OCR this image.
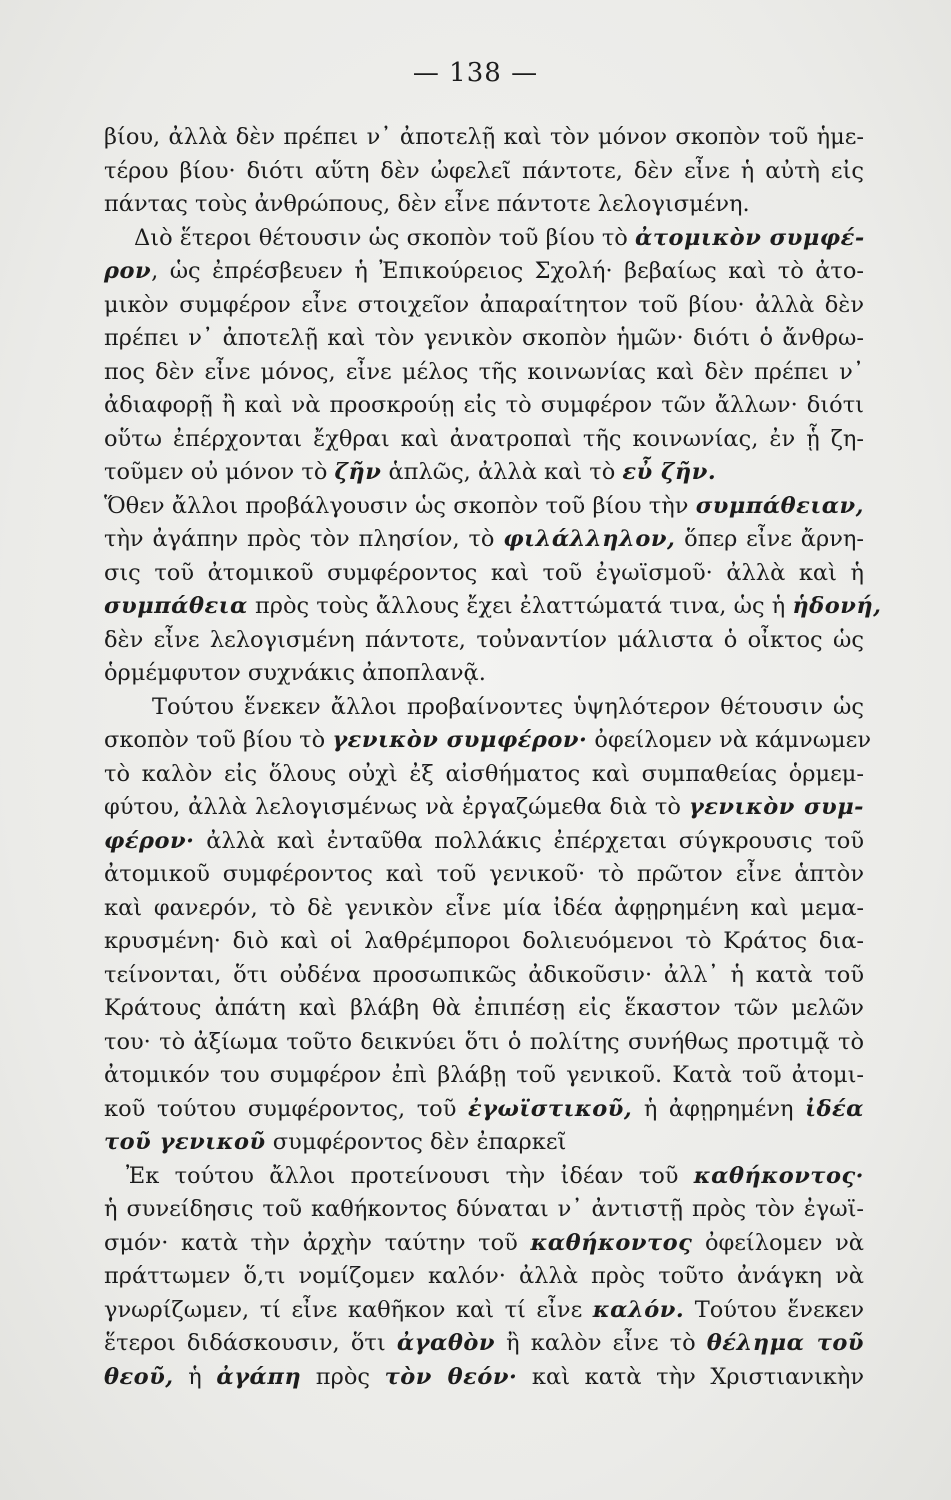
— 138 —
βίου, ἀλλὰ δὲν πρέπει ν᾽ ἀποτελῇ καὶ τὸν μόνον σκοπὸν τοῦ ἡμε-
τέρου βίου· διότι αὕτη δὲν ὠφελεῖ πάντοτε, δὲν εἶνε ἡ αὐτὴ εἰς
πάντας τοὺς ἀνθρώπους, δὲν εἶνε πάντοτε λελογισμένη.
Διὸ ἕτεροι θέτουσιν ὡς σκοπὸν τοῦ βίου τὸ ἀτομικὸν συμφέ-
ρον, ὡς ἐπρέσβευεν ἡ Ἐπικούρειος Σχολή· βεβαίως καὶ τὸ ἀτο-
μικὸν συμφέρον εἶνε στοιχεῖον ἀπαραίτητον τοῦ βίου· ἀλλὰ δὲν
πρέπει ν᾽ ἀποτελῇ καὶ τὸν γενικὸν σκοπὸν ἡμῶν· διότι ὁ ἄνθρω-
πος δὲν εἶνε μόνος, εἶνε μέλος τῆς κοινωνίας καὶ δὲν πρέπει ν᾽
ἀδιαφορῇ ἢ καὶ νὰ προσκρούῃ εἰς τὸ συμφέρον τῶν ἄλλων· διότι
οὕτω ἐπέρχονται ἔχθραι καὶ ἀνατροπαὶ τῆς κοινωνίας, ἐν ᾗ ζη-
τοῦμεν οὐ μόνον τὸ ζῆν ἁπλῶς, ἀλλὰ καὶ τὸ εὖ ζῆν.
Ὅθεν ἄλλοι προβάλγουσιν ὡς σκοπὸν τοῦ βίου τὴν συμπάθειαν,
τὴν ἀγάπην πρὸς τὸν πλησίον, τὸ φιλάλληλον, ὅπερ εἶνε ἄρνη-
σις τοῦ ἀτομικοῦ συμφέροντος καὶ τοῦ ἐγωϊσμοῦ· ἀλλὰ καὶ ἡ
συμπάθεια πρὸς τοὺς ἄλλους ἔχει ἐλαττώματά τινα, ὡς ἡ ἡδονή,
δὲν εἶνε λελογισμένη πάντοτε, τοὐναντίον μάλιστα ὁ οἶκτος ὡς
ὁρμέμφυτον συχνάκις ἀποπλανᾷ.
Τούτου ἕνεκεν ἄλλοι προβαίνοντες ὑψηλότερον θέτουσιν ὡς
σκοπὸν τοῦ βίου τὸ γενικὸν συμφέρον· ὀφείλομεν νὰ κάμνωμεν
τὸ καλὸν εἰς ὅλους οὐχὶ ἐξ αἰσθήματος καὶ συμπαθείας ὁρμεμ-
φύτου, ἀλλὰ λελογισμένως νὰ ἐργαζώμεθα διὰ τὸ γενικὸν συμ-
φέρον· ἀλλὰ καὶ ἐνταῦθα πολλάκις ἐπέρχεται σύγκρουσις τοῦ
ἀτομικοῦ συμφέροντος καὶ τοῦ γενικοῦ· τὸ πρῶτον εἶνε ἁπτὸν
καὶ φανερόν, τὸ δὲ γενικὸν εἶνε μία ἰδέα ἀφῃρημένη καὶ μεμα-
κρυσμένη· διὸ καὶ οἱ λαθρέμποροι δολιευόμενοι τὸ Κράτος δια-
τείνονται, ὅτι οὐδένα προσωπικῶς ἀδικοῦσιν· ἀλλ᾽ ἡ κατὰ τοῦ
Κράτους ἀπάτη καὶ βλάβη θὰ ἐπιπέσῃ εἰς ἕκαστον τῶν μελῶν
του· τὸ ἀξίωμα τοῦτο δεικνύει ὅτι ὁ πολίτης συνήθως προτιμᾷ τὸ
ἀτομικόν του συμφέρον ἐπὶ βλάβῃ τοῦ γενικοῦ. Κατὰ τοῦ ἀτομι-
κοῦ τούτου συμφέροντος, τοῦ ἐγωϊστικοῦ, ἡ ἀφῃρημένη ἰδέα
τοῦ γενικοῦ συμφέροντος δὲν ἐπαρκεῖ
Ἐκ τούτου ἄλλοι προτείνουσι τὴν ἰδέαν τοῦ καθήκοντος·
ἡ συνείδησις τοῦ καθήκοντος δύναται ν᾽ ἀντιστῇ πρὸς τὸν ἐγωϊ-
σμόν· κατὰ τὴν ἀρχὴν ταύτην τοῦ καθήκοντος ὀφείλομεν νὰ
πράττωμεν ὅ,τι νομίζομεν καλόν· ἀλλὰ πρὸς τοῦτο ἀνάγκη νὰ
γνωρίζωμεν, τί εἶνε καθῆκον καὶ τί εἶνε καλόν. Τούτου ἕνεκεν
ἕτεροι διδάσκουσιν, ὅτι ἀγαθὸν ἢ καλὸν εἶνε τὸ θέλημα τοῦ
θεοῦ, ἡ ἀγάπη πρὸς τὸν θεόν· καὶ κατὰ τὴν Χριστιανικὴν
